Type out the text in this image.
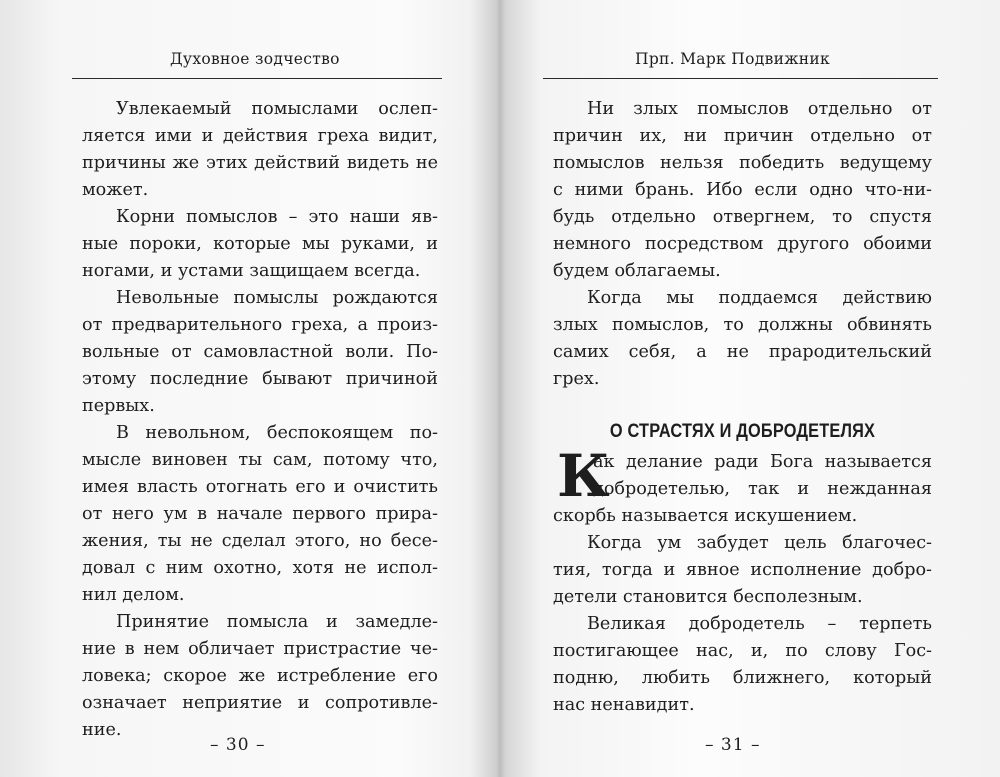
Духовное зодчество
Увлекаемый помыслами ослеп-
ляется ими и действия греха видит,
причины же этих действий видеть не
может.
Корни помыслов – это наши яв-
ные пороки, которые мы руками, и
ногами, и устами защищаем всегда.
Невольные помыслы рождаются
от предварительного греха, а произ-
вольные от самовластной воли. По-
этому последние бывают причиной
первых.
В невольном, беспокоящем по-
мысле виновен ты сам, потому что,
имея власть отогнать его и очистить
от него ум в начале первого прира-
жения, ты не сделал этого, но бесе-
довал с ним охотно, хотя не испол-
нил делом.
Принятие помысла и замедле-
ние в нем обличает пристрастие че-
ловека; скорое же истребление его
означает неприятие и сопротивле-
ние.
– 30 –
Прп. Марк Подвижник
Ни злых помыслов отдельно от
причин их, ни причин отдельно от
помыслов нельзя победить ведущему
с ними брань. Ибо если одно что-ни-
будь отдельно отвергнем, то спустя
немного посредством другого обоими
будем облагаемы.
Когда мы поддаемся действию
злых помыслов, то должны обвинять
самих себя, а не прародительский
грех.
О СТРАСТЯХ И ДОБРОДЕТЕЛЯХ
К
ак делание ради Бога называется
добродетелью, так и нежданная
скорбь называется искушением.
Когда ум забудет цель благочес-
тия, тогда и явное исполнение добро-
детели становится бесполезным.
Великая добродетель – терпеть
постигающее нас, и, по слову Гос-
подню, любить ближнего, который
нас ненавидит.
– 31 –
